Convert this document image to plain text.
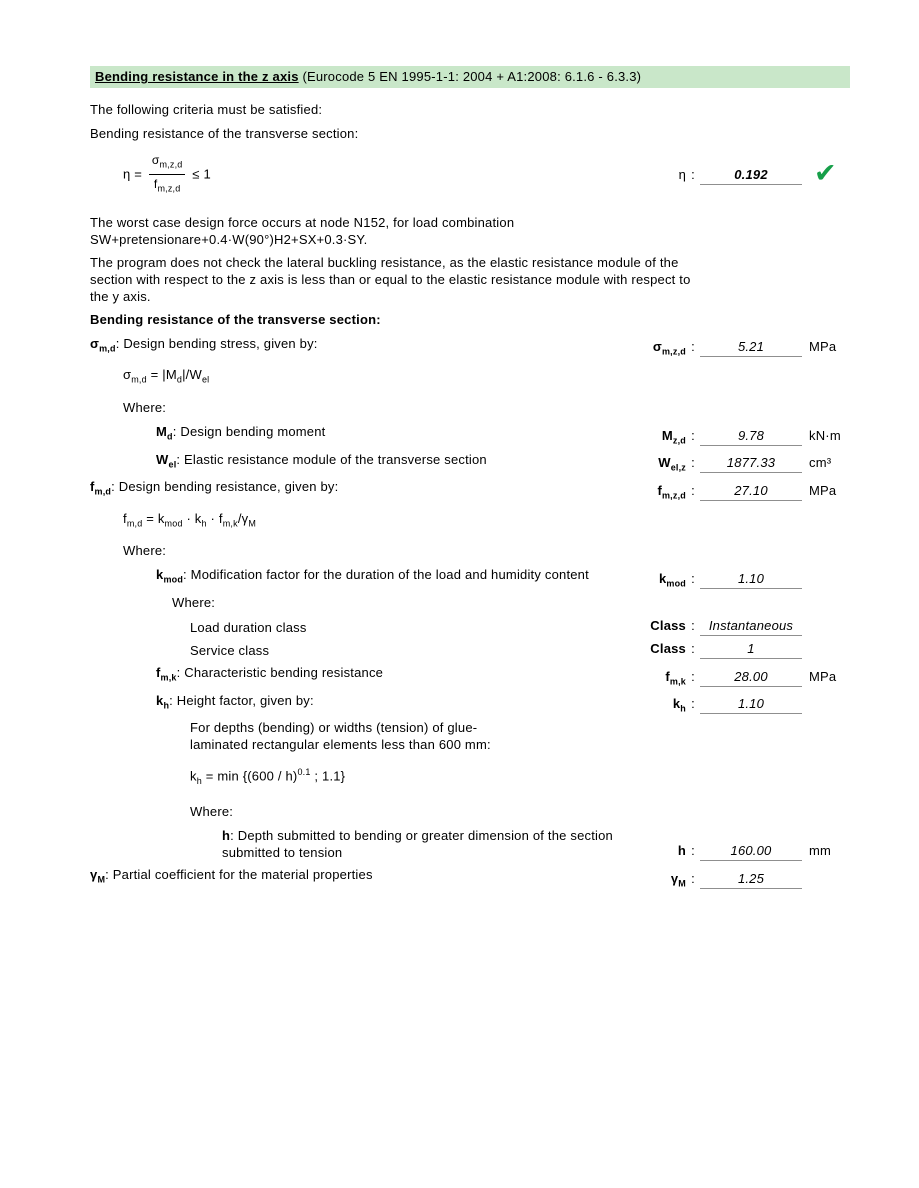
Bending resistance in the z axis (Eurocode 5 EN 1995-1-1: 2004 + A1:2008: 6.1.6 - 6.3.3)
The following criteria must be satisfied:
Bending resistance of the transverse section:
$\eta = \frac{\sigma_{m,z,d}}{f_{m,z,d}} \le 1$	η :	0.192	✔
The worst case design force occurs at node N152, for load combination SW+pretensionare+0.4·W(90°)H2+SX+0.3·SY.
The program does not check the lateral buckling resistance, as the elastic resistance module of the section with respect to the z axis is less than or equal to the elastic resistance module with respect to the y axis.
Bending resistance of the transverse section:
$\sigma_{m,d}$: Design bending stress, given by:	$\sigma_{m,z,d}$ :	5.21	MPa
$\sigma_{m,d} = |M_d|/W_{el}$
Where:
$M_d$: Design bending moment	$M_{z,d}$ :	9.78	kN·m
$W_{el}$: Elastic resistance module of the transverse section	$W_{el,z}$ :	1877.33	cm³
$f_{m,d}$: Design bending resistance, given by:	$f_{m,z,d}$ :	27.10	MPa
$f_{m,d} = k_{mod} \cdot k_h \cdot f_{m,k}/\gamma_M$
Where:
$k_{mod}$: Modification factor for the duration of the load and humidity content	$k_{mod}$ :	1.10
Where:
Load duration class	Class :	Instantaneous
Service class	Class :	1
$f_{m,k}$: Characteristic bending resistance	$f_{m,k}$ :	28.00	MPa
$k_h$: Height factor, given by:	$k_h$ :	1.10
For depths (bending) or widths (tension) of glue-laminated rectangular elements less than 600 mm:
$k_h = \min \{(600 / h)^{0.1}$ ; 1.1}
Where:
h: Depth submitted to bending or greater dimension of the section submitted to tension	h :	160.00	mm
$\gamma_M$: Partial coefficient for the material properties	$\gamma_M$ :	1.25
